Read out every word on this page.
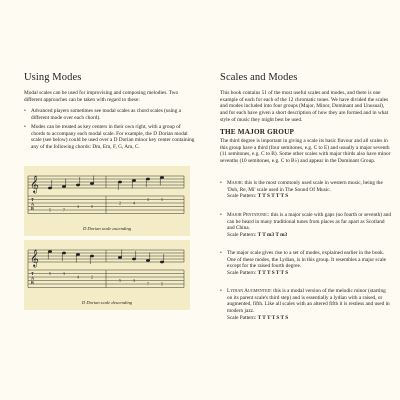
Using Modes

Modal scales can be used for improvising and composing melodies. Two different approaches can be taken with regard to these:

• Advanced players sometimes see modal scales as chord scales (using a different mode over each chord).
• Modes can be treated as key centers in their own right, with a group of chords to accompany each modal scale. For example, the D Dorian modal scale (see below) could be used over a D Dorian minor key center containing any of the following chords: Dm, Em, F, G, Am, C.
𝄞
T
A
B	5	7
3	5
2	4
3	5
D Dorian scale ascending
𝄞
T
A
B
5	3
4	2
5	3
7	5
D Dorian scale descending
Scales and Modes

This book contains 51 of the most useful scales and modes, and there is one example of each for each of the 12 chromatic tones. We have divided the scales and modes included into four groups (Major, Minor, Dominant and Unusual), and for each have given a short description of how they are formed and in what style of music they might best be used.

THE MAJOR GROUP

The third degree is important in giving a scale its basic flavour and all scales in this group have a third (four semitones, e.g. C to E) and usually a major seventh (11 semitones, e.g. C to B). Some other scales with major thirds also have minor sevenths (10 semitones, e.g. C to B♭) and appear in the Dominant Group.

• Major: this is the most commonly used scale in western music, being the 'Doh, Re, Mi' scale used in The Sound Of Music.
Scale Pattern: T T S T T T S
• Major Pentatonic: this is a major scale with gaps (no fourth or seventh) and can be heard in many traditional tunes from places as far apart as Scotland and China.
Scale Pattern: T T m3 T m3
• The major scale gives rise to a set of modes, explained earlier in the book. One of these modes, the Lydian, is in this group. It resembles a major scale except for the raised fourth degree.
Scale Pattern: T T T S T T S
• Lydian Augmented: this is a modal version of the melodic minor (starting on its parent scale's third step) and is essentially a lydian with a raised, or augmented, fifth. Like all scales with an altered fifth it is restless and used in modern jazz.
Scale Pattern: T T T T S T S
